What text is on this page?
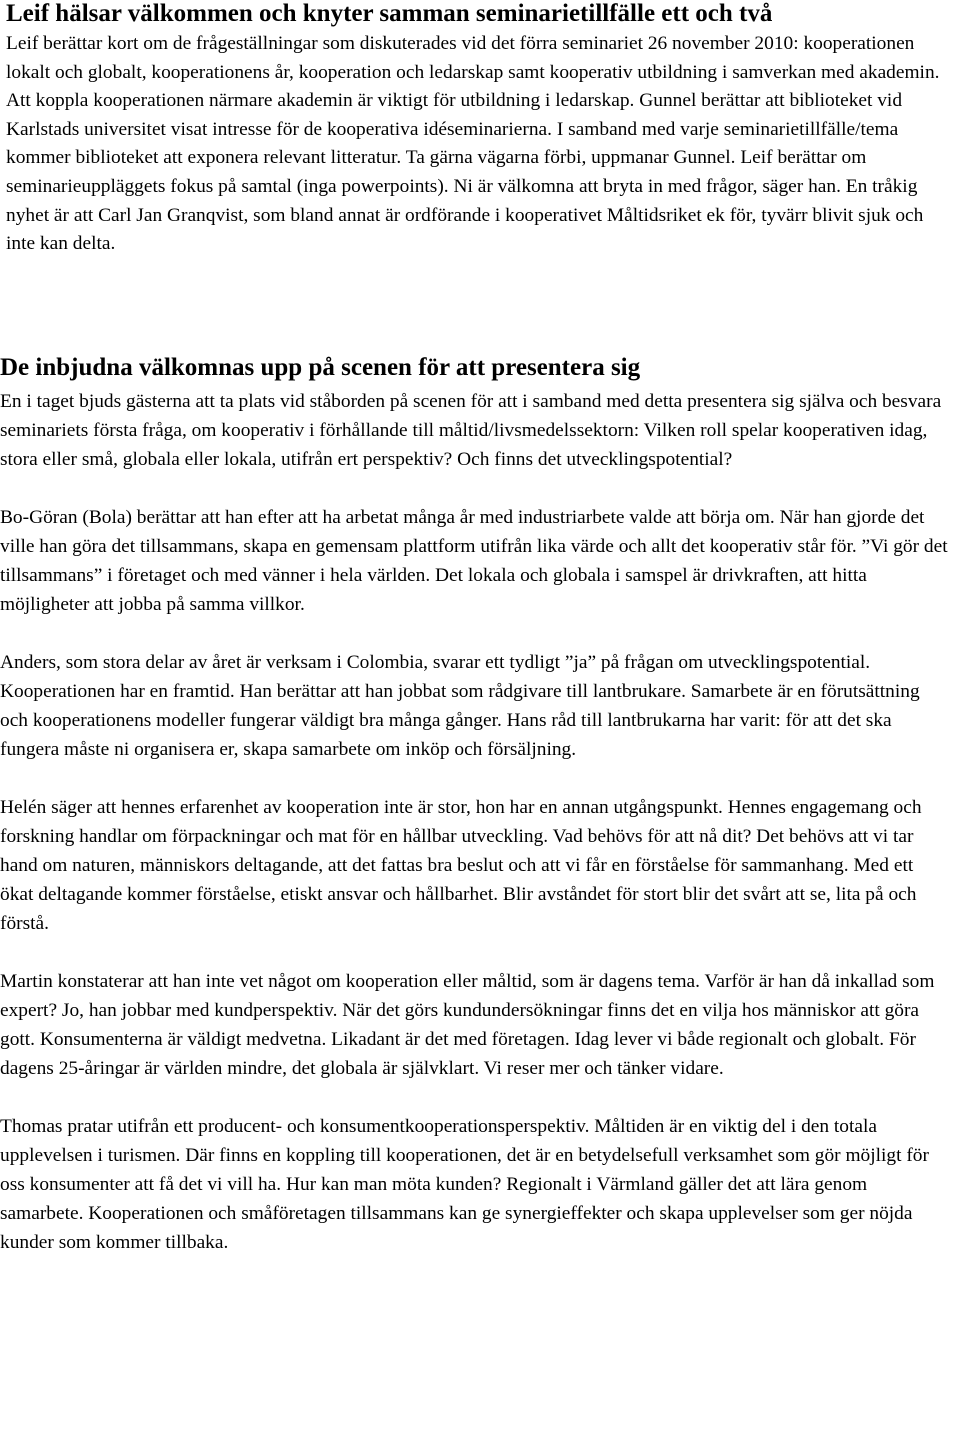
Leif hälsar välkommen och knyter samman seminarietillfälle ett och två

Leif berättar kort om de frågeställningar som diskuterades vid det förra seminariet 26 november 2010: kooperationen lokalt och globalt, kooperationens år, kooperation och ledarskap samt kooperativ utbildning i samverkan med akademin. Att koppla kooperationen närmare akademin är viktigt för utbildning i ledarskap. Gunnel berättar att biblioteket vid Karlstads universitet visat intresse för de kooperativa idéseminarierna. I samband med varje seminarietillfälle/tema kommer biblioteket att exponera relevant litteratur. Ta gärna vägarna förbi, uppmanar Gunnel. Leif berättar om seminarieuppläggets fokus på samtal (inga powerpoints). Ni är välkomna att bryta in med frågor, säger han. En tråkig nyhet är att Carl Jan Granqvist, som bland annat är ordförande i kooperativet Måltidsriket ek för, tyvärr blivit sjuk och inte kan delta.

De inbjudna välkomnas upp på scenen för att presentera sig

En i taget bjuds gästerna att ta plats vid ståborden på scenen för att i samband med detta presentera sig själva och besvara seminariets första fråga, om kooperativ i förhållande till måltid/livsmedelssektorn: Vilken roll spelar kooperativen idag, stora eller små, globala eller lokala, utifrån ert perspektiv? Och finns det utvecklingspotential?

Bo-Göran (Bola) berättar att han efter att ha arbetat många år med industriarbete valde att börja om. När han gjorde det ville han göra det tillsammans, skapa en gemensam plattform utifrån lika värde och allt det kooperativ står för. ”Vi gör det tillsammans” i företaget och med vänner i hela världen. Det lokala och globala i samspel är drivkraften, att hitta möjligheter att jobba på samma villkor.

Anders, som stora delar av året är verksam i Colombia, svarar ett tydligt ”ja” på frågan om utvecklingspotential. Kooperationen har en framtid. Han berättar att han jobbat som rådgivare till lantbrukare. Samarbete är en förutsättning och kooperationens modeller fungerar väldigt bra många gånger. Hans råd till lantbrukarna har varit: för att det ska fungera måste ni organisera er, skapa samarbete om inköp och försäljning.

Helén säger att hennes erfarenhet av kooperation inte är stor, hon har en annan utgångspunkt. Hennes engagemang och forskning handlar om förpackningar och mat för en hållbar utveckling. Vad behövs för att nå dit? Det behövs att vi tar hand om naturen, människors deltagande, att det fattas bra beslut och att vi får en förståelse för sammanhang. Med ett ökat deltagande kommer förståelse, etiskt ansvar och hållbarhet. Blir avståndet för stort blir det svårt att se, lita på och förstå.

Martin konstaterar att han inte vet något om kooperation eller måltid, som är dagens tema. Varför är han då inkallad som expert? Jo, han jobbar med kundperspektiv. När det görs kundundersökningar finns det en vilja hos människor att göra gott. Konsumenterna är väldigt medvetna. Likadant är det med företagen. Idag lever vi både regionalt och globalt. För dagens 25-åringar är världen mindre, det globala är självklart. Vi reser mer och tänker vidare.

Thomas pratar utifrån ett producent- och konsumentkooperationsperspektiv. Måltiden är en viktig del i den totala upplevelsen i turismen. Där finns en koppling till kooperationen, det är en betydelsefull verksamhet som gör möjligt för oss konsumenter att få det vi vill ha. Hur kan man möta kunden? Regionalt i Värmland gäller det att lära genom samarbete. Kooperationen och småföretagen tillsammans kan ge synergieffekter och skapa upplevelser som ger nöjda kunder som kommer tillbaka.
